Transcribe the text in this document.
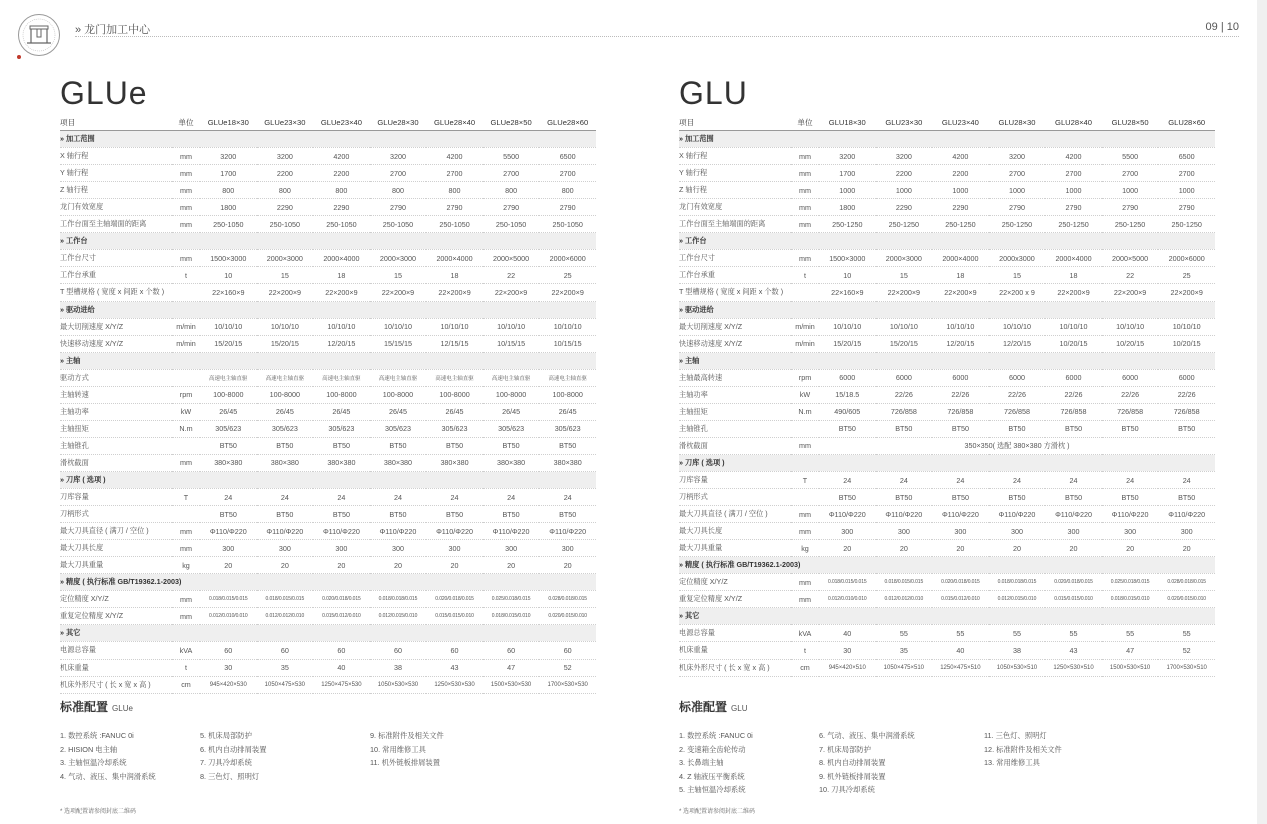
» 龙门加工中心	09 | 10
GLUe
项目	单位	GLUe18×30	GLUe23×30	GLUe23×40	GLUe28×30	GLUe28×40	GLUe28×50	GLUe28×60
» 加工范围								
X 轴行程	mm	3200	3200	4200	3200	4200	5500	6500
Y 轴行程	mm	1700	2200	2200	2700	2700	2700	2700
Z 轴行程	mm	800	800	800	800	800	800	800
龙门有效宽度	mm	1800	2290	2290	2790	2790	2790	2790
工作台面至主轴端面的距离	mm	250-1050	250-1050	250-1050	250-1050	250-1050	250-1050	250-1050
» 工作台								
工作台尺寸	mm	1500×3000	2000×3000	2000×4000	2000×3000	2000×4000	2000×5000	2000×6000
工作台承重	t	10	15	18	15	18	22	25
T 型槽规格 ( 宽度 x 间距 x 个数 )		22×160×9	22×200×9	22×200×9	22×200×9	22×200×9	22×200×9	22×200×9
» 驱动进给								
最大切削速度 X/Y/Z	m/min	10/10/10	10/10/10	10/10/10	10/10/10	10/10/10	10/10/10	10/10/10
快速移动速度 X/Y/Z	m/min	15/20/15	15/20/15	12/20/15	15/15/15	12/15/15	10/15/15	10/15/15
» 主轴								
驱动方式		高速电主轴直驱	高速电主轴直驱	高速电主轴直驱	高速电主轴直驱	高速电主轴直驱	高速电主轴直驱	高速电主轴直驱
主轴转速	rpm	100-8000	100-8000	100-8000	100-8000	100-8000	100-8000	100-8000
主轴功率	kW	26/45	26/45	26/45	26/45	26/45	26/45	26/45
主轴扭矩	N.m	305/623	305/623	305/623	305/623	305/623	305/623	305/623
主轴锥孔		BT50	BT50	BT50	BT50	BT50	BT50	BT50
滑枕截面	mm	380×380	380×380	380×380	380×380	380×380	380×380	380×380
» 刀库 ( 选项 )								
刀库容量	T	24	24	24	24	24	24	24
刀柄形式		BT50	BT50	BT50	BT50	BT50	BT50	BT50
最大刀具直径 ( 满刀 / 空位 )	mm	Φ110/Φ220	Φ110/Φ220	Φ110/Φ220	Φ110/Φ220	Φ110/Φ220	Φ110/Φ220	Φ110/Φ220
最大刀具长度	mm	300	300	300	300	300	300	300
最大刀具重量	kg	20	20	20	20	20	20	20
» 精度 ( 执行标准 GB/T19362.1-2003)								
定位精度 X/Y/Z	mm	0.018/0.015/0.015	0.018/0.015/0.015	0.020/0.018/0.015	0.018/0.018/0.015	0.020/0.018/0.015	0.025/0.018/0.015	0.028/0.018/0.015
重复定位精度 X/Y/Z	mm	0.012/0.010/0.010	0.012/0.012/0.010	0.015/0.012/0.010	0.012/0.015/0.010	0.015/0.015/0.010	0.018/0.015/0.010	0.020/0.015/0.010
» 其它								
电源总容量	kVA	60	60	60	60	60	60	60
机床重量	t	30	35	40	38	43	47	52
机床外形尺寸 ( 长 x 宽 x 高 )	cm	945×420×530	1050×475×530	1250×475×530	1050×530×530	1250×530×530	1500×530×530	1700×530×530
GLU
项目	单位	GLU18×30	GLU23×30	GLU23×40	GLU28×30	GLU28×40	GLU28×50	GLU28×60
» 加工范围								
X 轴行程	mm	3200	3200	4200	3200	4200	5500	6500
Y 轴行程	mm	1700	2200	2200	2700	2700	2700	2700
Z 轴行程	mm	1000	1000	1000	1000	1000	1000	1000
龙门有效宽度	mm	1800	2290	2290	2790	2790	2790	2790
工作台面至主轴端面的距离	mm	250-1250	250-1250	250-1250	250-1250	250-1250	250-1250	250-1250
» 工作台								
工作台尺寸	mm	1500×3000	2000×3000	2000×4000	2000x3000	2000×4000	2000×5000	2000×6000
工作台承重	t	10	15	18	15	18	22	25
T 型槽规格 ( 宽度 x 间距 x 个数 )		22×160×9	22×200×9	22×200×9	22×200 x 9	22×200×9	22×200×9	22×200×9
» 驱动进给								
最大切削速度 X/Y/Z	m/min	10/10/10	10/10/10	10/10/10	10/10/10	10/10/10	10/10/10	10/10/10
快速移动速度 X/Y/Z	m/min	15/20/15	15/20/15	12/20/15	12/20/15	10/20/15	10/20/15	10/20/15
» 主轴								
主轴最高转速	rpm	6000	6000	6000	6000	6000	6000	6000
主轴功率	kW	15/18.5	22/26	22/26	22/26	22/26	22/26	22/26
主轴扭矩	N.m	490/605	726/858	726/858	726/858	726/858	726/858	726/858
主轴锥孔		BT50	BT50	BT50	BT50	BT50	BT50	BT50
滑枕截面	mm	350×350( 选配 380×380 方滑枕 )						
» 刀库 ( 选项 )								
刀库容量	T	24	24	24	24	24	24	24
刀柄形式		BT50	BT50	BT50	BT50	BT50	BT50	BT50
最大刀具直径 ( 满刀 / 空位 )	mm	Φ110/Φ220	Φ110/Φ220	Φ110/Φ220	Φ110/Φ220	Φ110/Φ220	Φ110/Φ220	Φ110/Φ220
最大刀具长度	mm	300	300	300	300	300	300	300
最大刀具重量	kg	20	20	20	20	20	20	20
» 精度 ( 执行标准 GB/T19362.1-2003)								
定位精度 X/Y/Z	mm	0.018/0.015/0.015	0.018/0.015/0.015	0.020/0.018/0.015	0.018/0.018/0.015	0.020/0.018/0.015	0.025/0.018/0.015	0.028/0.018/0.015
重复定位精度 X/Y/Z	mm	0.012/0.010/0.010	0.012/0.012/0.010	0.015/0.012/0.010	0.012/0.015/0.010	0.015/0.015/0.010	0.018/0.015/0.010	0.020/0.015/0.010
» 其它								
电源总容量	kVA	40	55	55	55	55	55	55
机床重量	t	30	35	40	38	43	47	52
机床外形尺寸 ( 长 x 宽 x 高 )	cm	945×420×510	1050×475×510	1250×475×510	1050×530×510	1250×530×510	1500×530×510	1700×530×510
标准配置 GLUe
1. 数控系统 :FANUC 0i
2. HISION 电主轴
3. 主轴恒温冷却系统
4. 气动、液压、集中润滑系统
5. 机床局部防护
6. 机内自动排屑装置
7. 刀具冷却系统
8. 三色灯、照明灯
9. 标准附件及相关文件
10. 常用维修工具
11. 机外链板排屑装置
标准配置 GLU
1. 数控系统 :FANUC 0i
2. 变速箱全齿轮传动
3. 长鼻端主轴
4. Z 轴液压平衡系统
5. 主轴恒温冷却系统
6. 气动、液压、集中润滑系统
7. 机床局部防护
8. 机内自动排屑装置
9. 机外链板排屑装置
10. 刀具冷却系统
11. 三色灯、照明灯
12. 标准附件及相关文件
13. 常用维修工具
* 选项配置请参阅封底二维码	* 选项配置请参阅封底二维码
